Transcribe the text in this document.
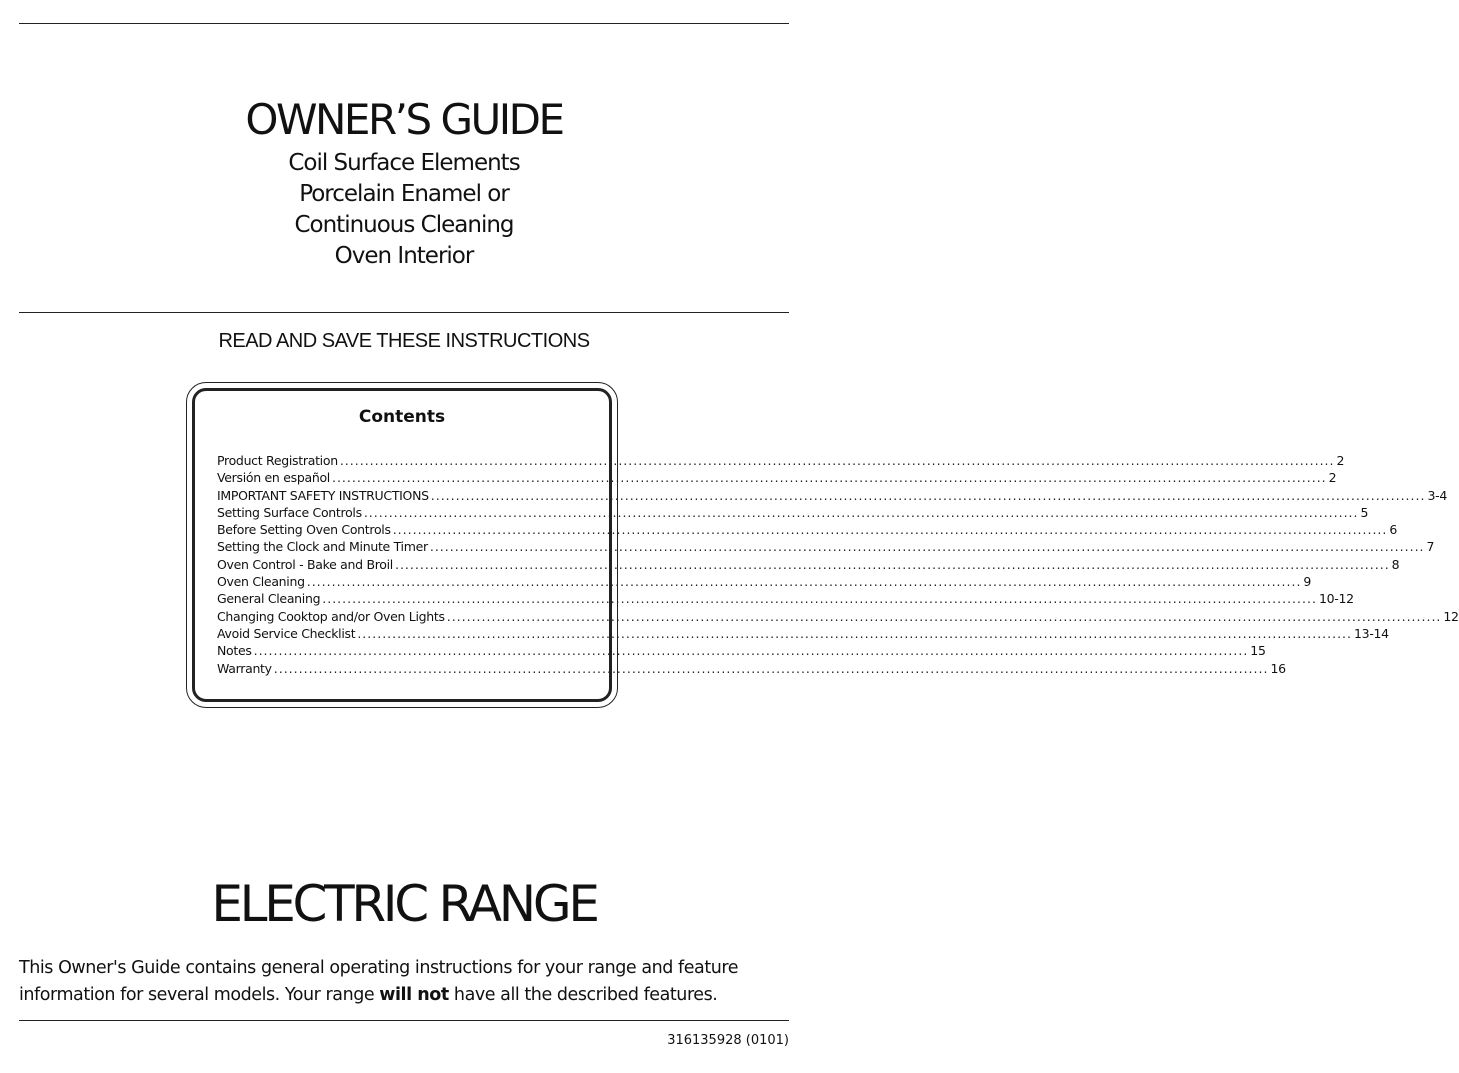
OWNER’S GUIDE
Coil Surface Elements
Porcelain Enamel or
Continuous Cleaning
Oven Interior
READ AND SAVE THESE INSTRUCTIONS
Contents
Product Registration ........................................................................................................................................................................................................ 2
Versión en español ........................................................................................................................................................................................................ 2
IMPORTANT SAFETY INSTRUCTIONS ........................................................................................................................................................................................................ 3-4
Setting Surface Controls ........................................................................................................................................................................................................ 5
Before Setting Oven Controls ........................................................................................................................................................................................................ 6
Setting the Clock and Minute Timer ........................................................................................................................................................................................................ 7
Oven Control - Bake and Broil ........................................................................................................................................................................................................ 8
Oven Cleaning ........................................................................................................................................................................................................ 9
General Cleaning ........................................................................................................................................................................................................ 10-12
Changing Cooktop and/or Oven Lights ........................................................................................................................................................................................................ 12
Avoid Service Checklist ........................................................................................................................................................................................................ 13-14
Notes ........................................................................................................................................................................................................ 15
Warranty ........................................................................................................................................................................................................ 16
ELECTRIC RANGE
This Owner's Guide contains general operating instructions for your range and feature information for several models. Your range will not have all the described features.
316135928 (0101)
